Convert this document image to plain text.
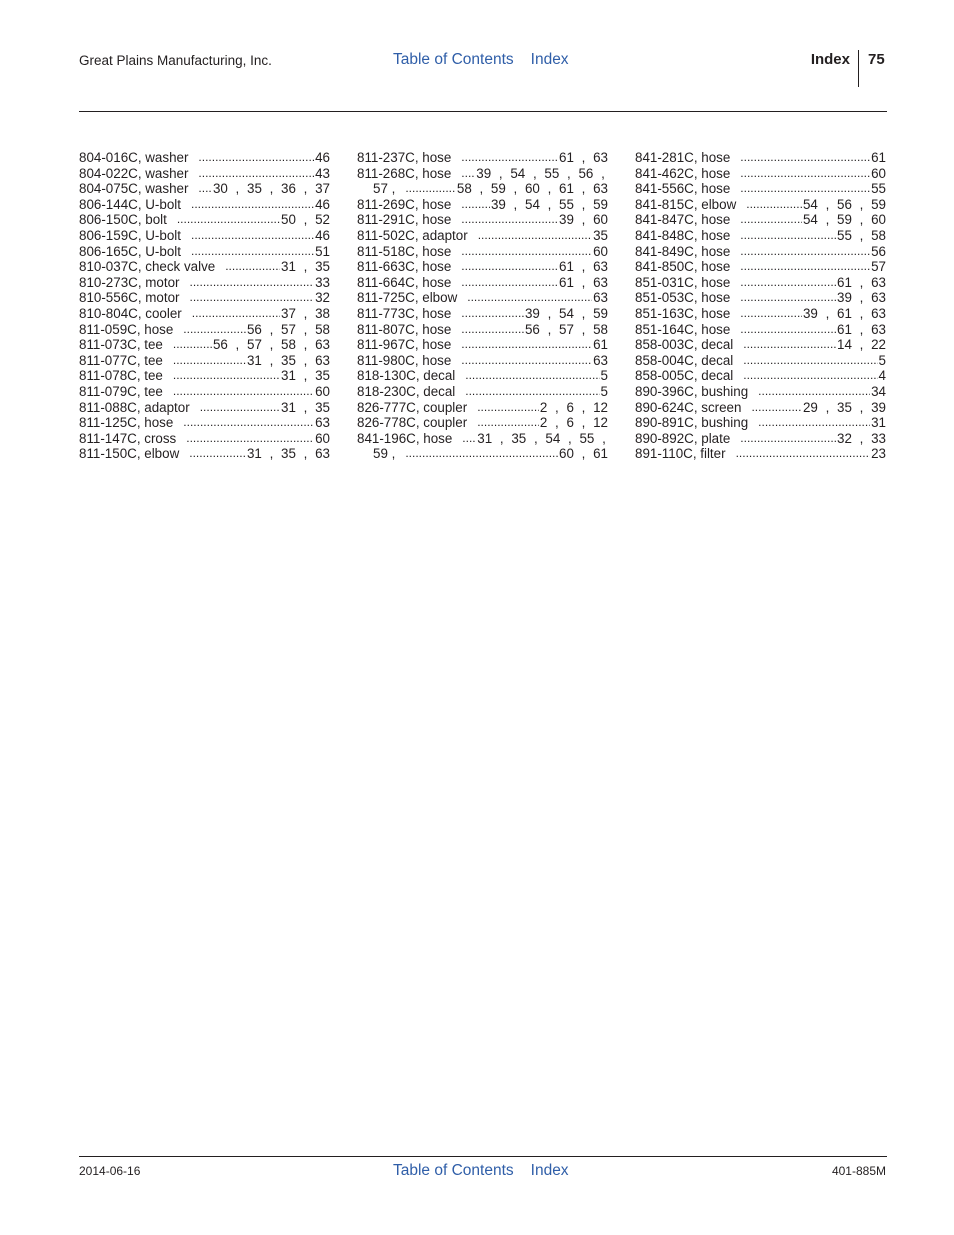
Great Plains Manufacturing, Inc.	Table of Contents Index	Index 75
804-016C, washer .....	46
804-022C, washer .....	43
804-075C, washer .....	30 , 35 , 36 , 37
806-144C, U-bolt .....	46
806-150C, bolt .....	50 , 52
806-159C, U-bolt .....	46
806-165C, U-bolt .....	51
810-037C, check valve .....	31 , 35
810-273C, motor .....	33
810-556C, motor .....	32
810-804C, cooler .....	37 , 38
811-059C, hose .....	56 , 57 , 58
811-073C, tee .....	56 , 57 , 58 , 63
811-077C, tee .....	31 , 35 , 63
811-078C, tee .....	31 , 35
811-079C, tee .....	60
811-088C, adaptor .....	31 , 35
811-125C, hose .....	63
811-147C, cross .....	60
811-150C, elbow .....	31 , 35 , 63
811-237C, hose .....	61 , 63
811-268C, hose .....	39 , 54 , 55 , 56 ,
57 , .....	58 , 59 , 60 , 61 , 63
811-269C, hose .....	39 , 54 , 55 , 59
811-291C, hose .....	39 , 60
811-502C, adaptor .....	35
811-518C, hose .....	60
811-663C, hose .....	61 , 63
811-664C, hose .....	61 , 63
811-725C, elbow .....	63
811-773C, hose .....	39 , 54 , 59
811-807C, hose .....	56 , 57 , 58
811-967C, hose .....	61
811-980C, hose .....	63
818-130C, decal .....	5
818-230C, decal .....	5
826-777C, coupler .....	2 , 6 , 12
826-778C, coupler .....	2 , 6 , 12
841-196C, hose .....	31 , 35 , 54 , 55 ,
59 , .....	60 , 61
841-281C, hose .....	61
841-462C, hose .....	60
841-556C, hose .....	55
841-815C, elbow .....	54 , 56 , 59
841-847C, hose .....	54 , 59 , 60
841-848C, hose .....	55 , 58
841-849C, hose .....	56
841-850C, hose .....	57
851-031C, hose .....	61 , 63
851-053C, hose .....	39 , 63
851-163C, hose .....	39 , 61 , 63
851-164C, hose .....	61 , 63
858-003C, decal .....	14 , 22
858-004C, decal .....	5
858-005C, decal .....	4
890-396C, bushing .....	34
890-624C, screen .....	29 , 35 , 39
890-891C, bushing .....	31
890-892C, plate .....	32 , 33
891-110C, filter .....	23
2014-06-16	Table of Contents Index	401-885M
